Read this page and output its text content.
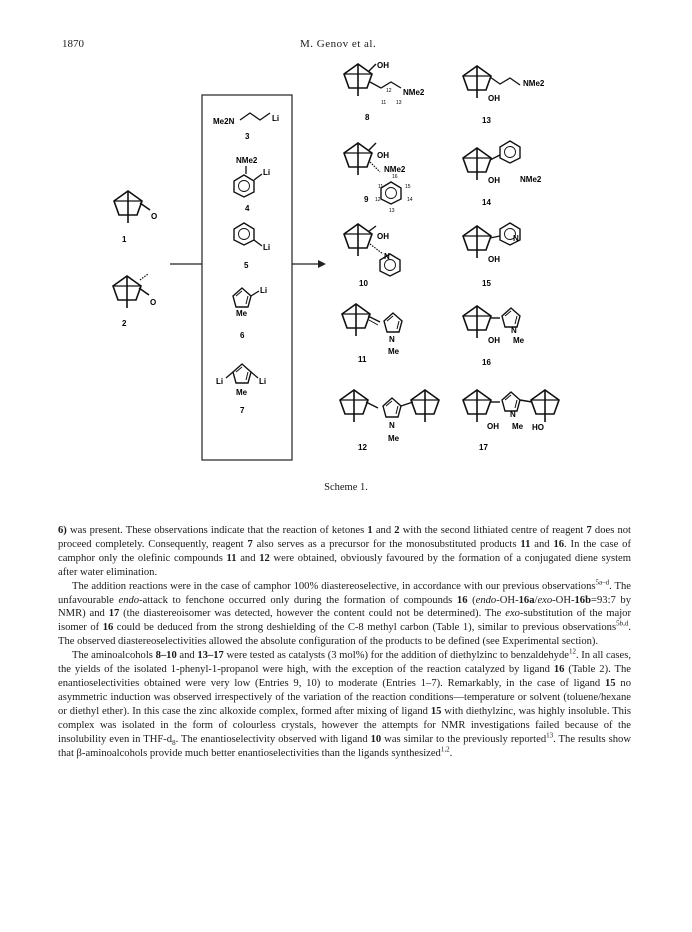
1870	M. Genov et al.
O
1
O
2
Me2N	Li
3
NMe2
Li
4
Li
5
Li
Me
6
Li	Li
Me
7
OH
NMe2
12
11 13
8
OH
NMe2
16
11	15
12	14
13
9
OH
N
10
N
Me
11
N
Me
12
NMe2
OH
13
NMe2
OH
14
N
OH
15
N
Me
OH
16
N
OH Me HO
17
Scheme 1.

6) was present. These observations indicate that the reaction of ketones 1 and 2 with the second lithiated centre of reagent 7 does not proceed completely. Consequently, reagent 7 also serves as a precursor for the monosubstituted products 11 and 16. In the case of camphor only the olefinic compounds 11 and 12 were obtained, obviously favoured by the formation of a conjugated diene system after water elimination.

The addition reactions were in the case of camphor 100% diastereoselective, in accordance with our previous observations$^{5a-d}$. The unfavourable endo-attack to fenchone occurred only during the formation of compounds 16 (endo-OH-16a/exo-OH-16b=93:7 by NMR) and 17 (the diastereoisomer was detected, however the content could not be determined). The exo-substitution of the major isomer of 16 could be deduced from the strong deshielding of the C-8 methyl carbon (Table 1), similar to previous observations$^{5b,d}$. The observed diastereoselectivities allowed the absolute configuration of the products to be defined (see Experimental section).

The aminoalcohols 8–10 and 13–17 were tested as catalysts (3 mol%) for the addition of diethylzinc to benzaldehyde$^{12}$. In all cases, the yields of the isolated 1-phenyl-1-propanol were high, with the exception of the reaction catalyzed by ligand 16 (Table 2). The enantioselectivities obtained were very low (Entries 9, 10) to moderate (Entries 1–7). Remarkably, in the case of ligand 15 no asymmetric induction was observed irrespectively of the variation of the reaction conditions—temperature or solvent (toluene/hexane or diethyl ether). In this case the zinc alkoxide complex, formed after mixing of ligand 15 with diethylzinc, was highly insoluble. This complex was isolated in the form of colourless crystals, however the attempts for NMR investigations failed because of the insolubility even in THF-$d_8$. The enantioselectivity observed with ligand 10 was similar to the previously reported$^{13}$. The results show that β-aminoalcohols provide much better enantioselectivities than the ligands synthesized$^{1,2}$.
